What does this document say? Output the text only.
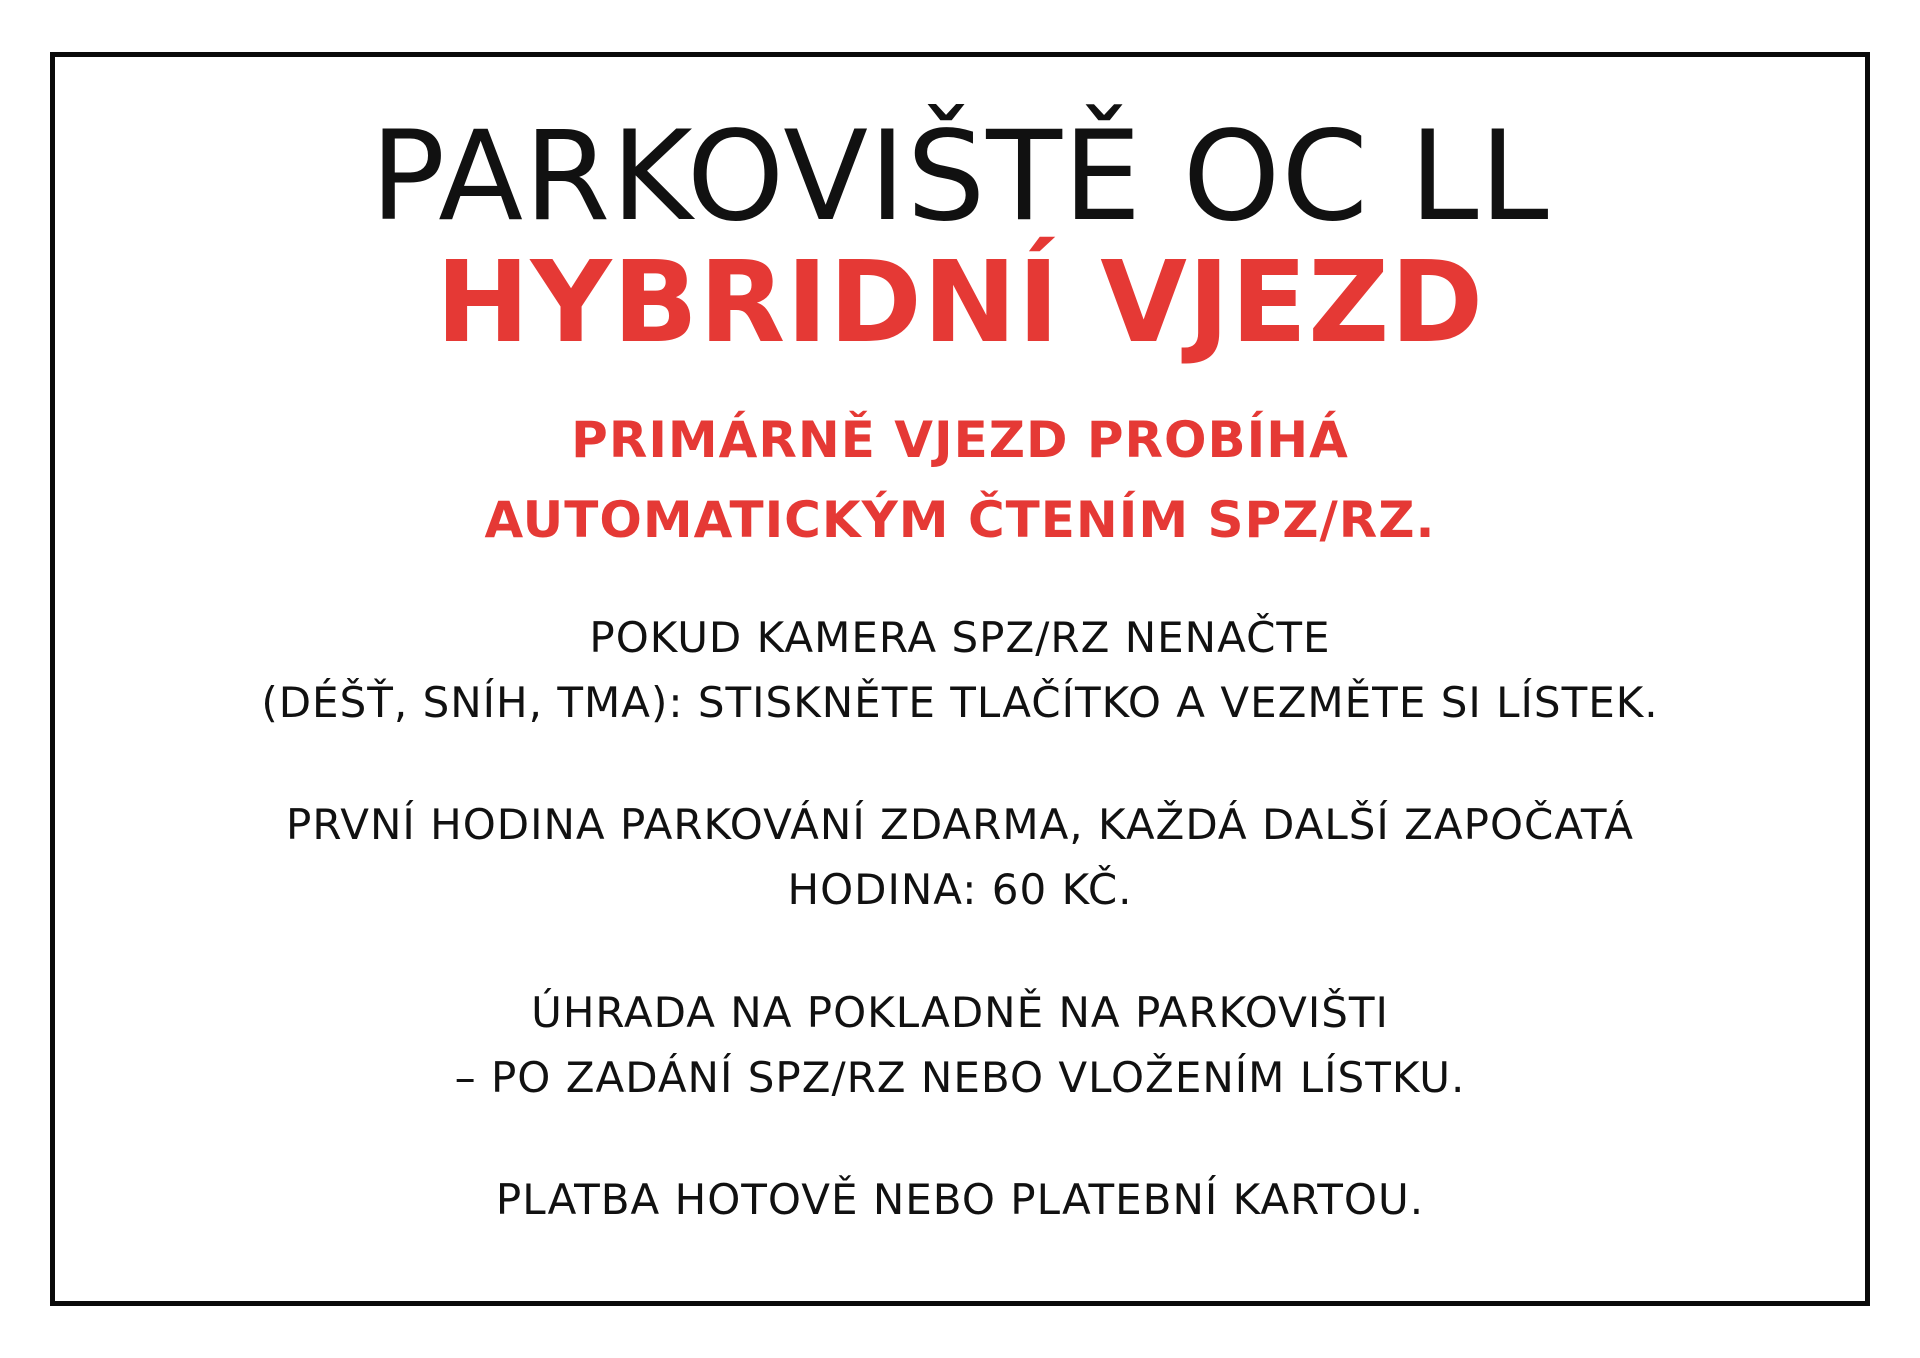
PARKOVIŠTĚ OC LL
HYBRIDNÍ VJEZD
PRIMÁRNĚ VJEZD PROBÍHÁ
AUTOMATICKÝM ČTENÍM SPZ/RZ.
POKUD KAMERA SPZ/RZ NENAČTE
(DÉŠŤ, SNÍH, TMA): STISKNĚTE TLAČÍTKO A VEZMĚTE SI LÍSTEK.
PRVNÍ HODINA PARKOVÁNÍ ZDARMA, KAŽDÁ DALŠÍ ZAPOČATÁ
HODINA: 60 KČ.
ÚHRADA NA POKLADNĚ NA PARKOVIŠTI
– PO ZADÁNÍ SPZ/RZ NEBO VLOŽENÍM LÍSTKU.
PLATBA HOTOVĚ NEBO PLATEBNÍ KARTOU.
